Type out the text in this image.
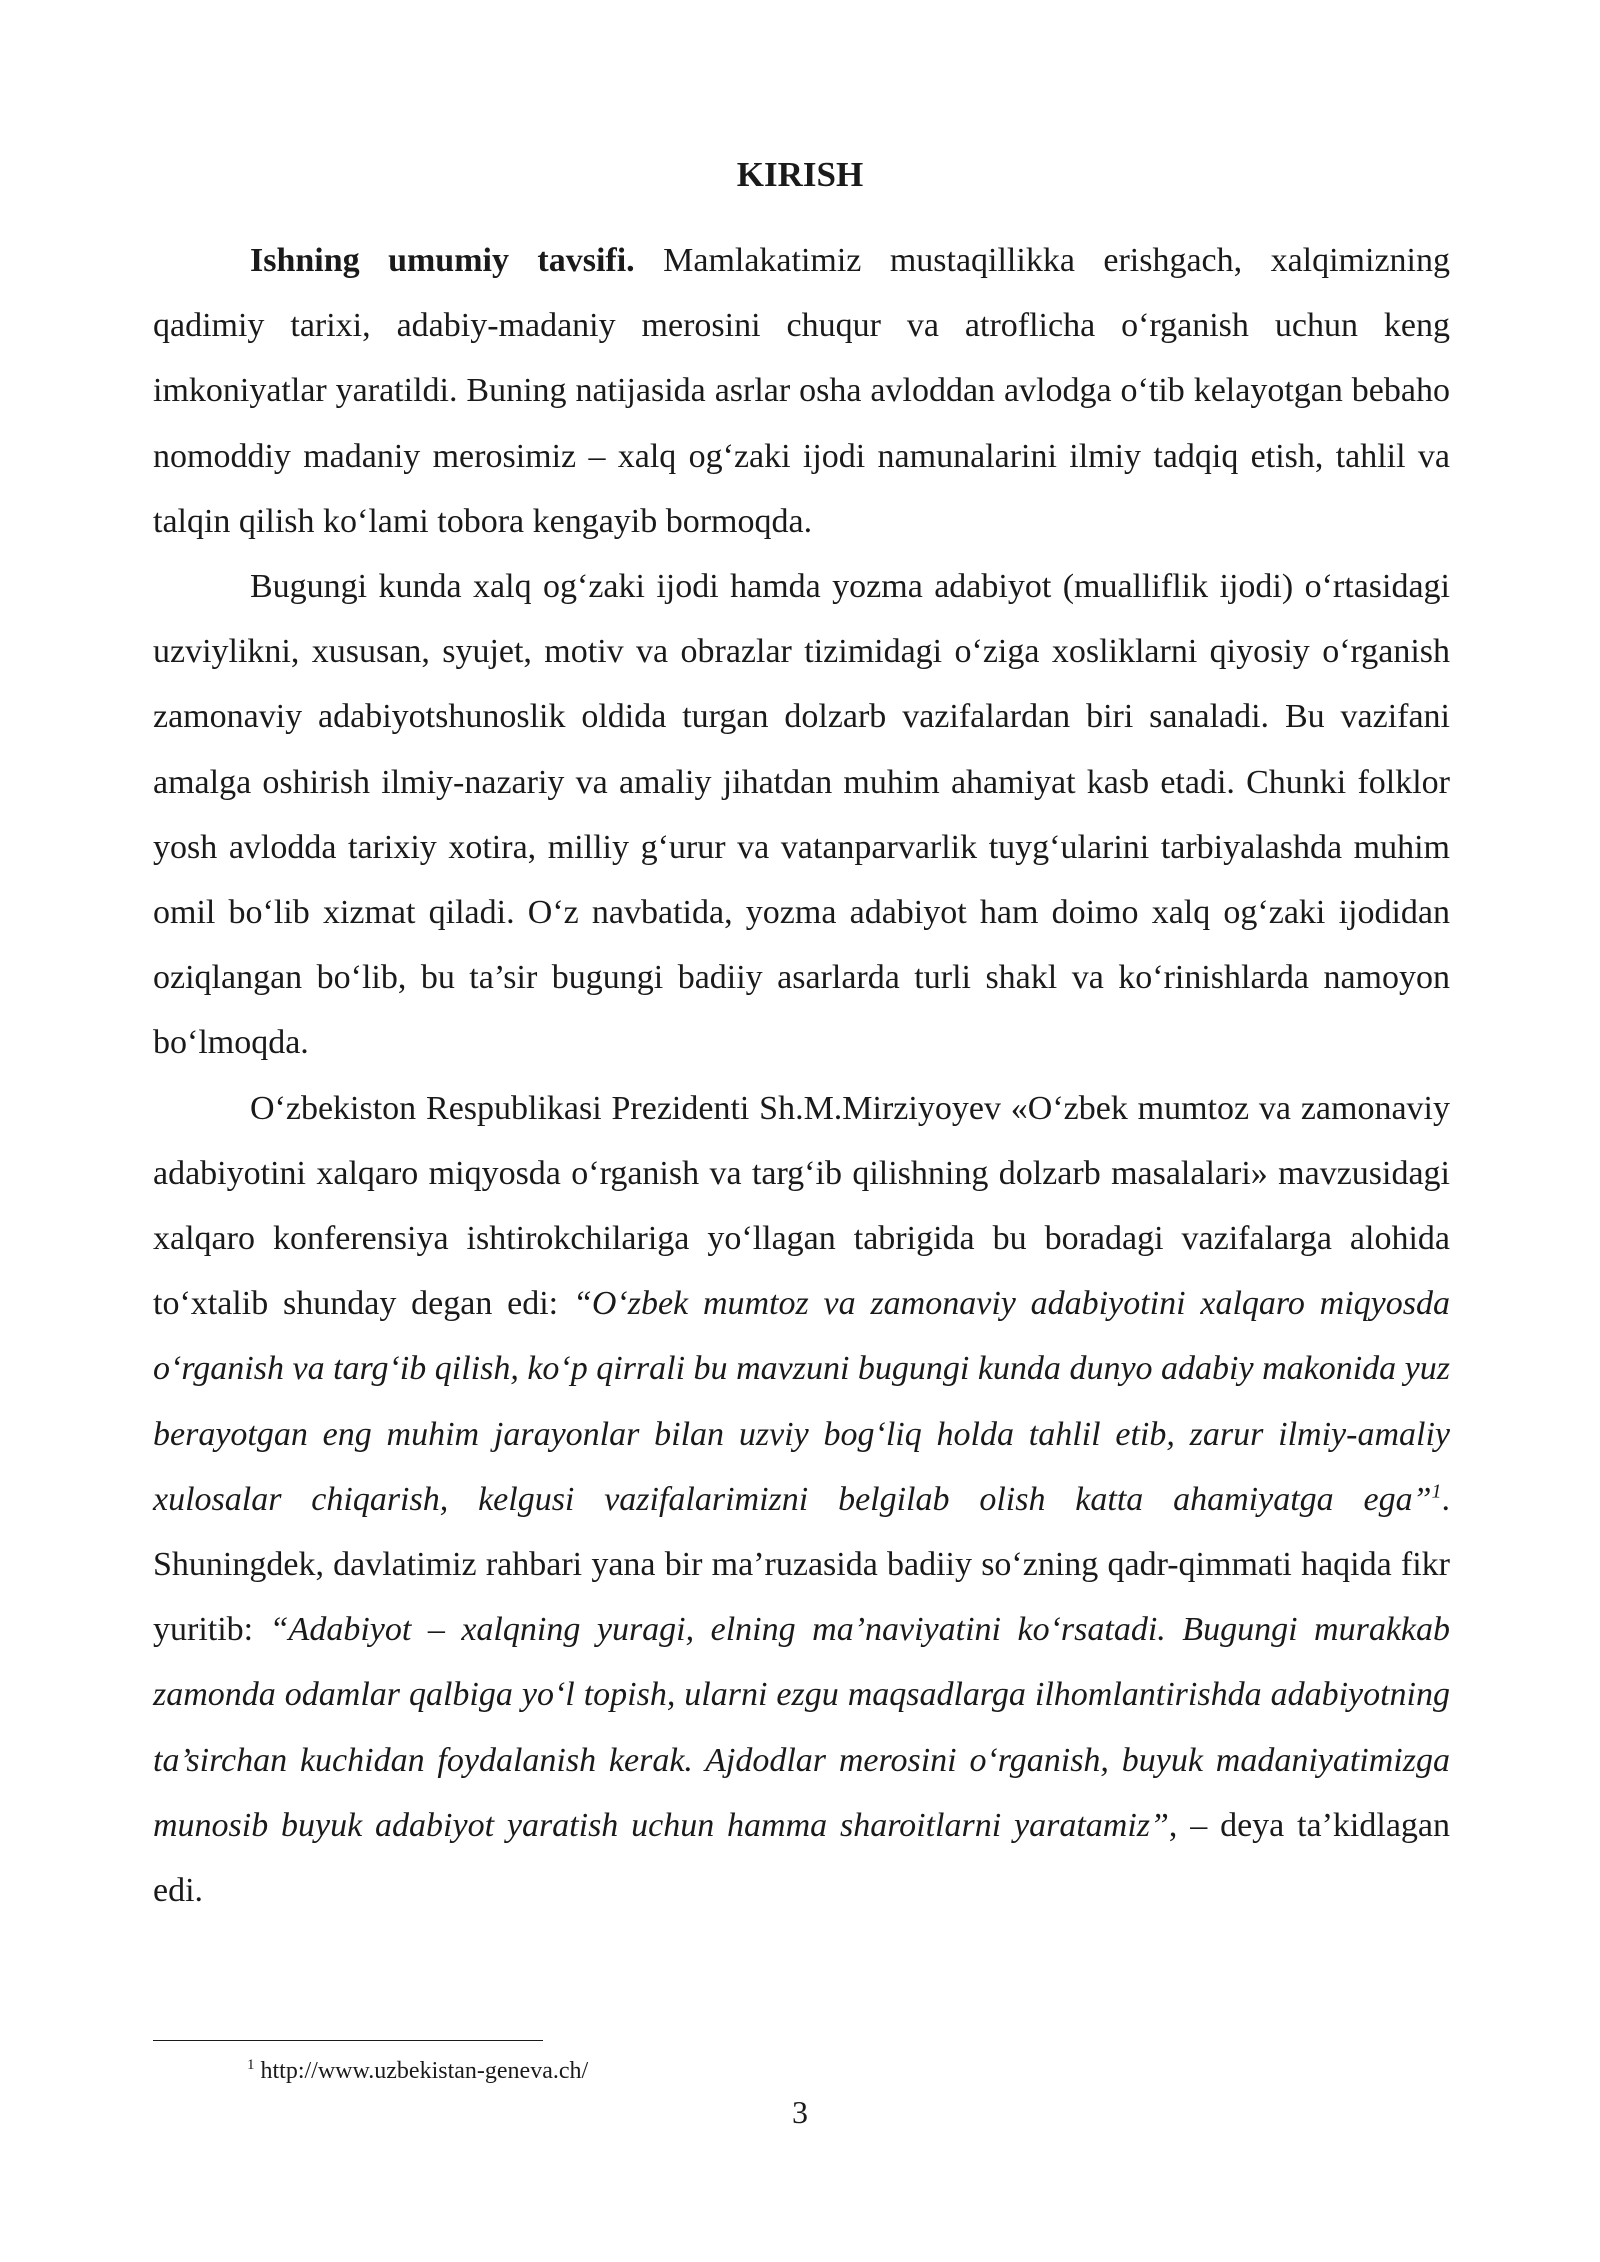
KIRISH

Ishning umumiy tavsifi. Mamlakatimiz mustaqillikka erishgach, xalqimizning qadimiy tarixi, adabiy-madaniy merosini chuqur va atroflicha o‘rganish uchun keng imkoniyatlar yaratildi. Buning natijasida asrlar osha avloddan avlodga o‘tib kelayotgan bebaho nomoddiy madaniy merosimiz – xalq og‘zaki ijodi namunalarini ilmiy tadqiq etish, tahlil va talqin qilish ko‘lami tobora kengayib bormoqda.

Bugungi kunda xalq og‘zaki ijodi hamda yozma adabiyot (mualliflik ijodi) o‘rtasidagi uzviylikni, xususan, syujet, motiv va obrazlar tizimidagi o‘ziga xosliklarni qiyosiy o‘rganish zamonaviy adabiyotshunoslik oldida turgan dolzarb vazifalardan biri sanaladi. Bu vazifani amalga oshirish ilmiy-nazariy va amaliy jihatdan muhim ahamiyat kasb etadi. Chunki folklor yosh avlodda tarixiy xotira, milliy g‘urur va vatanparvarlik tuyg‘ularini tarbiyalashda muhim omil bo‘lib xizmat qiladi. O‘z navbatida, yozma adabiyot ham doimo xalq og‘zaki ijodidan oziqlangan bo‘lib, bu ta’sir bugungi badiiy asarlarda turli shakl va ko‘rinishlarda namoyon bo‘lmoqda.

O‘zbekiston Respublikasi Prezidenti Sh.M.Mirziyoyev «O‘zbek mumtoz va zamonaviy adabiyotini xalqaro miqyosda o‘rganish va targ‘ib qilishning dolzarb masalalari» mavzusidagi xalqaro konferensiya ishtirokchilariga yo‘llagan tabrigida bu boradagi vazifalarga alohida to‘xtalib shunday degan edi: “O‘zbek mumtoz va zamonaviy adabiyotini xalqaro miqyosda o‘rganish va targ‘ib qilish, ko‘p qirrali bu mavzuni bugungi kunda dunyo adabiy makonida yuz berayotgan eng muhim jarayonlar bilan uzviy bog‘liq holda tahlil etib, zarur ilmiy-amaliy xulosalar chiqarish, kelgusi vazifalarimizni belgilab olish katta ahamiyatga ega”$^1$. Shuningdek, davlatimiz rahbari yana bir ma’ruzasida badiiy so‘zning qadr-qimmati haqida fikr yuritib: “Adabiyot – xalqning yuragi, elning ma’naviyatini ko‘rsatadi. Bugungi murakkab zamonda odamlar qalbiga yo‘l topish, ularni ezgu maqsadlarga ilhomlantirishda adabiyotning ta’sirchan kuchidan foydalanish kerak. Ajdodlar merosini o‘rganish, buyuk madaniyatimizga munosib buyuk adabiyot yaratish uchun hamma sharoitlarni yaratamiz”, – deya ta’kidlagan edi.

$^1$ http://www.uzbekistan-geneva.ch/
3
